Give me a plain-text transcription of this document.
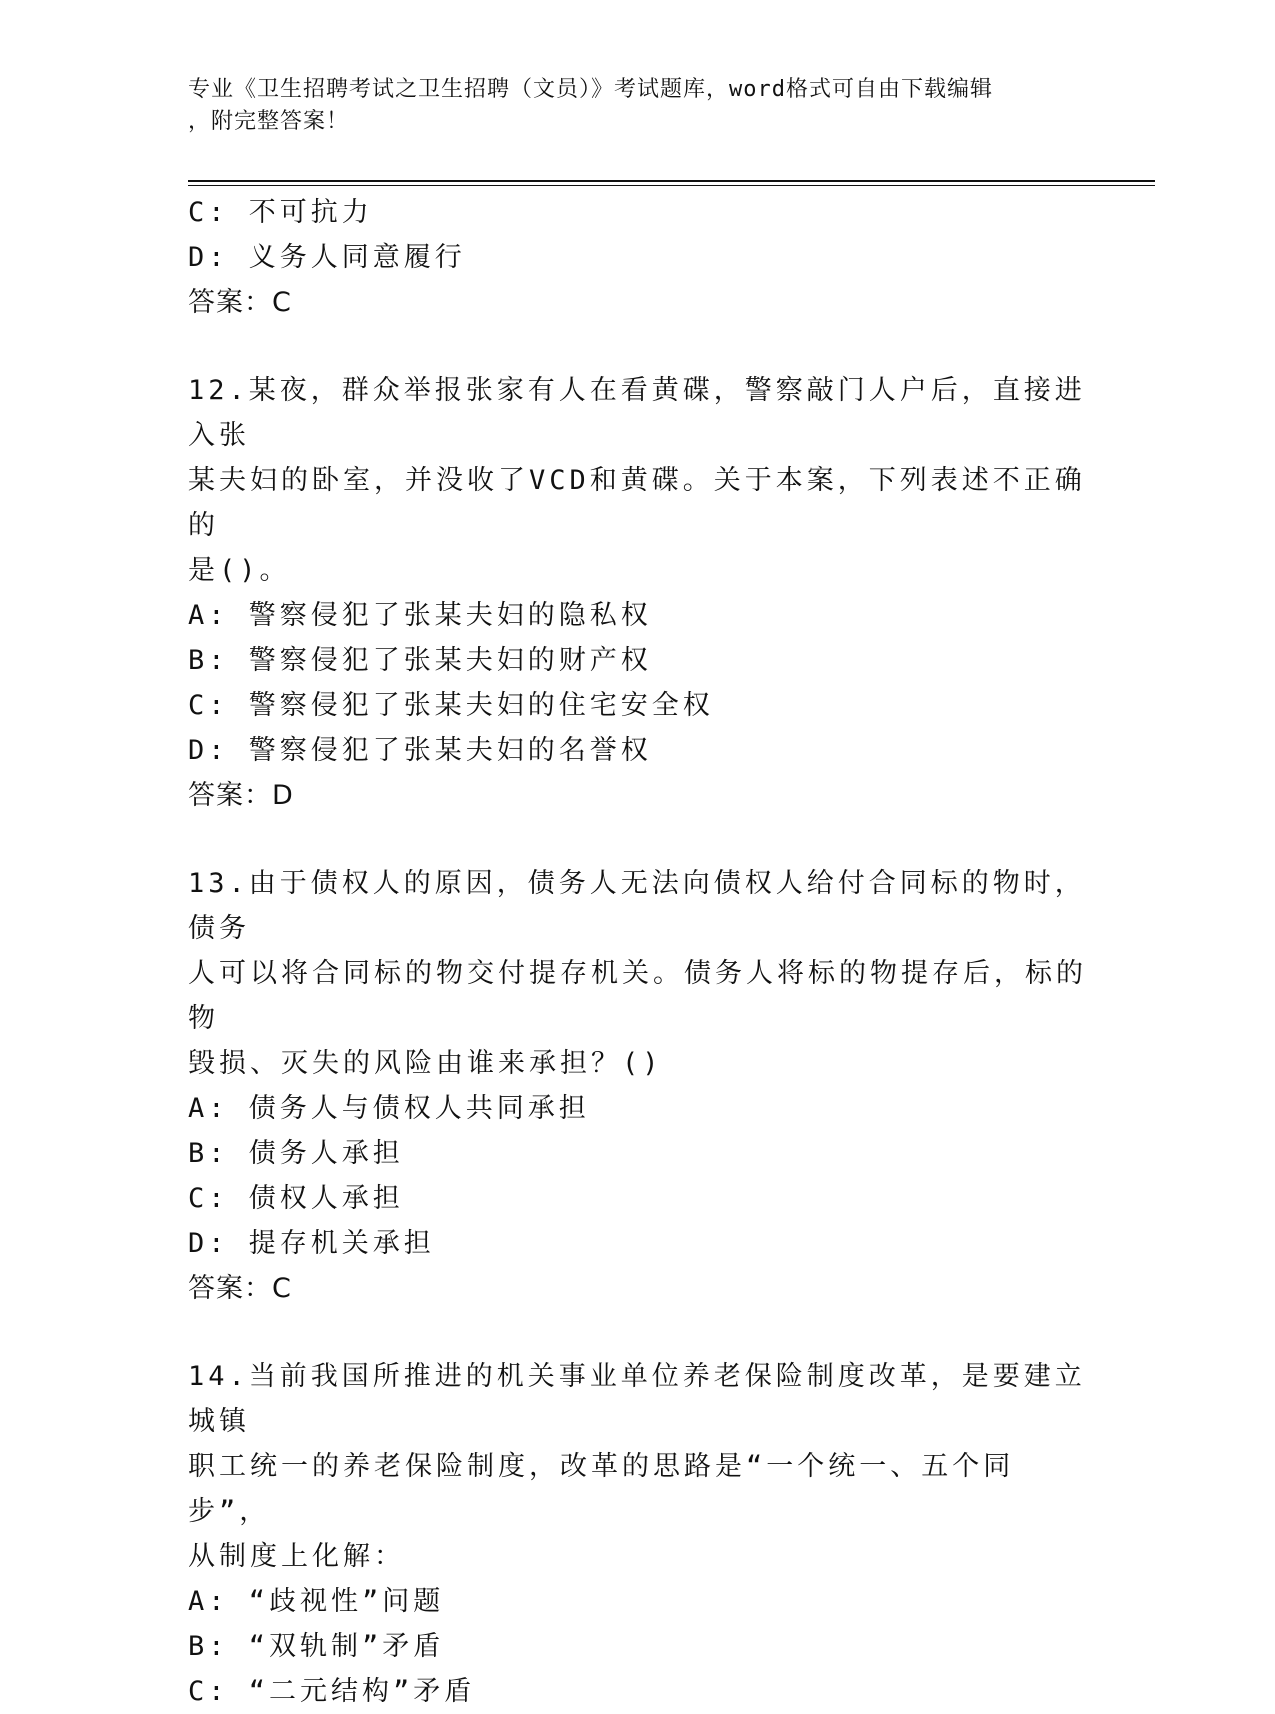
专业《卫生招聘考试之卫生招聘（文员）》考试题库，word格式可自由下载编辑
，附完整答案！
C: 不可抗力
D: 义务人同意履行
答案：C
12.某夜，群众举报张家有人在看黄碟，警察敲门人户后，直接进入张
某夫妇的卧室，并没收了VCD和黄碟。关于本案，下列表述不正确的
是()。
A: 警察侵犯了张某夫妇的隐私权
B: 警察侵犯了张某夫妇的财产权
C: 警察侵犯了张某夫妇的住宅安全权
D: 警察侵犯了张某夫妇的名誉权
答案：D
13.由于债权人的原因，债务人无法向债权人给付合同标的物时，债务
人可以将合同标的物交付提存机关。债务人将标的物提存后，标的物
毁损、灭失的风险由谁来承担？()
A: 债务人与债权人共同承担
B: 债务人承担
C: 债权人承担
D: 提存机关承担
答案：C
14.当前我国所推进的机关事业单位养老保险制度改革，是要建立城镇
职工统一的养老保险制度，改革的思路是“一个统一、五个同步”，
从制度上化解：
A: “歧视性”问题
B: “双轨制”矛盾
C: “二元结构”矛盾
